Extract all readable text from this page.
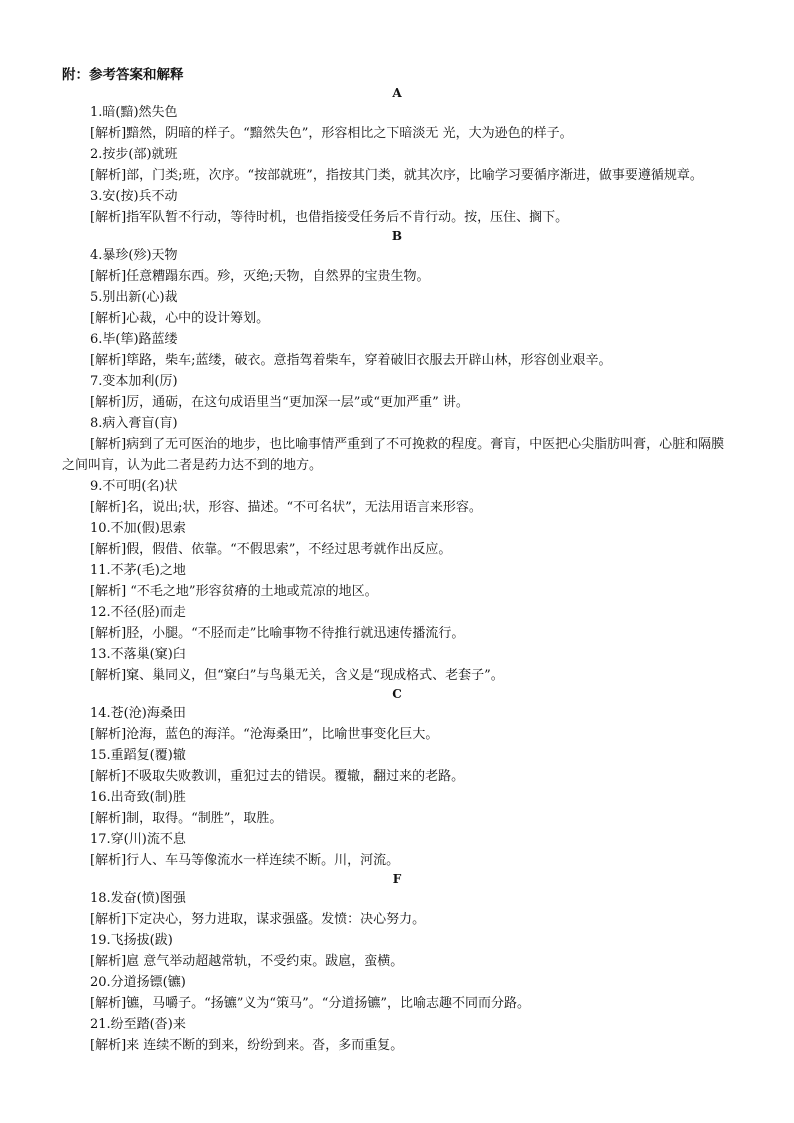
附：参考答案和解释
A
1.暗(黯)然失色
[解析]黯然，阴暗的样子。“黯然失色”，形容相比之下暗淡无 光，大为逊色的样子。
2.按步(部)就班
[解析]部，门类;班，次序。“按部就班”，指按其门类，就其次序，比喻学习要循序渐进，做事要遵循规章。
3.安(按)兵不动
[解析]指军队暂不行动，等待时机，也借指接受任务后不肯行动。按，压住、搁下。
B
4.暴珍(殄)天物
[解析]任意糟蹋东西。殄，灭绝;天物，自然界的宝贵生物。
5.别出新(心)裁
[解析]心裁，心中的设计筹划。
6.毕(筚)路蓝缕
[解析]筚路，柴车;蓝缕，破衣。意指驾着柴车，穿着破旧衣服去开辟山林，形容创业艰辛。
7.变本加利(厉)
[解析]厉，通砺，在这句成语里当“更加深一层”或“更加严重” 讲。
8.病入膏盲(肓)
[解析]病到了无可医治的地步，也比喻事情严重到了不可挽救的程度。膏肓，中医把心尖脂肪叫膏，心脏和隔膜之间叫肓，认为此二者是药力达不到的地方。
9.不可明(名)状
[解析]名，说出;状，形容、描述。“不可名状”，无法用语言来形容。
10.不加(假)思索
[解析]假，假借、依靠。“不假思索”，不经过思考就作出反应。
11.不茅(毛)之地
[解析] “不毛之地”形容贫瘠的土地或荒凉的地区。
12.不径(胫)而走
[解析]胫，小腿。“不胫而走”比喻事物不待推行就迅速传播流行。
13.不落巢(窠)臼
[解析]窠、巢同义，但“窠臼”与鸟巢无关，含义是“现成格式、老套子”。
C
14.苍(沧)海桑田
[解析]沧海，蓝色的海洋。“沧海桑田”，比喻世事变化巨大。
15.重蹈复(覆)辙
[解析]不吸取失败教训，重犯过去的错误。覆辙，翻过来的老路。
16.出奇致(制)胜
[解析]制，取得。“制胜”，取胜。
17.穿(川)流不息
[解析]行人、车马等像流水一样连续不断。川，河流。
F
18.发奋(愤)图强
[解析]下定决心，努力进取，谋求强盛。发愤：决心努力。
19.飞扬拔(跋)
[解析]扈 意气举动超越常轨，不受约束。跋扈，蛮横。
20.分道扬镖(镳)
[解析]镳，马嚼子。“扬镳”义为“策马”。“分道扬镳”，比喻志趣不同而分路。
21.纷至踏(沓)来
[解析]来 连续不断的到来，纷纷到来。沓，多而重复。
